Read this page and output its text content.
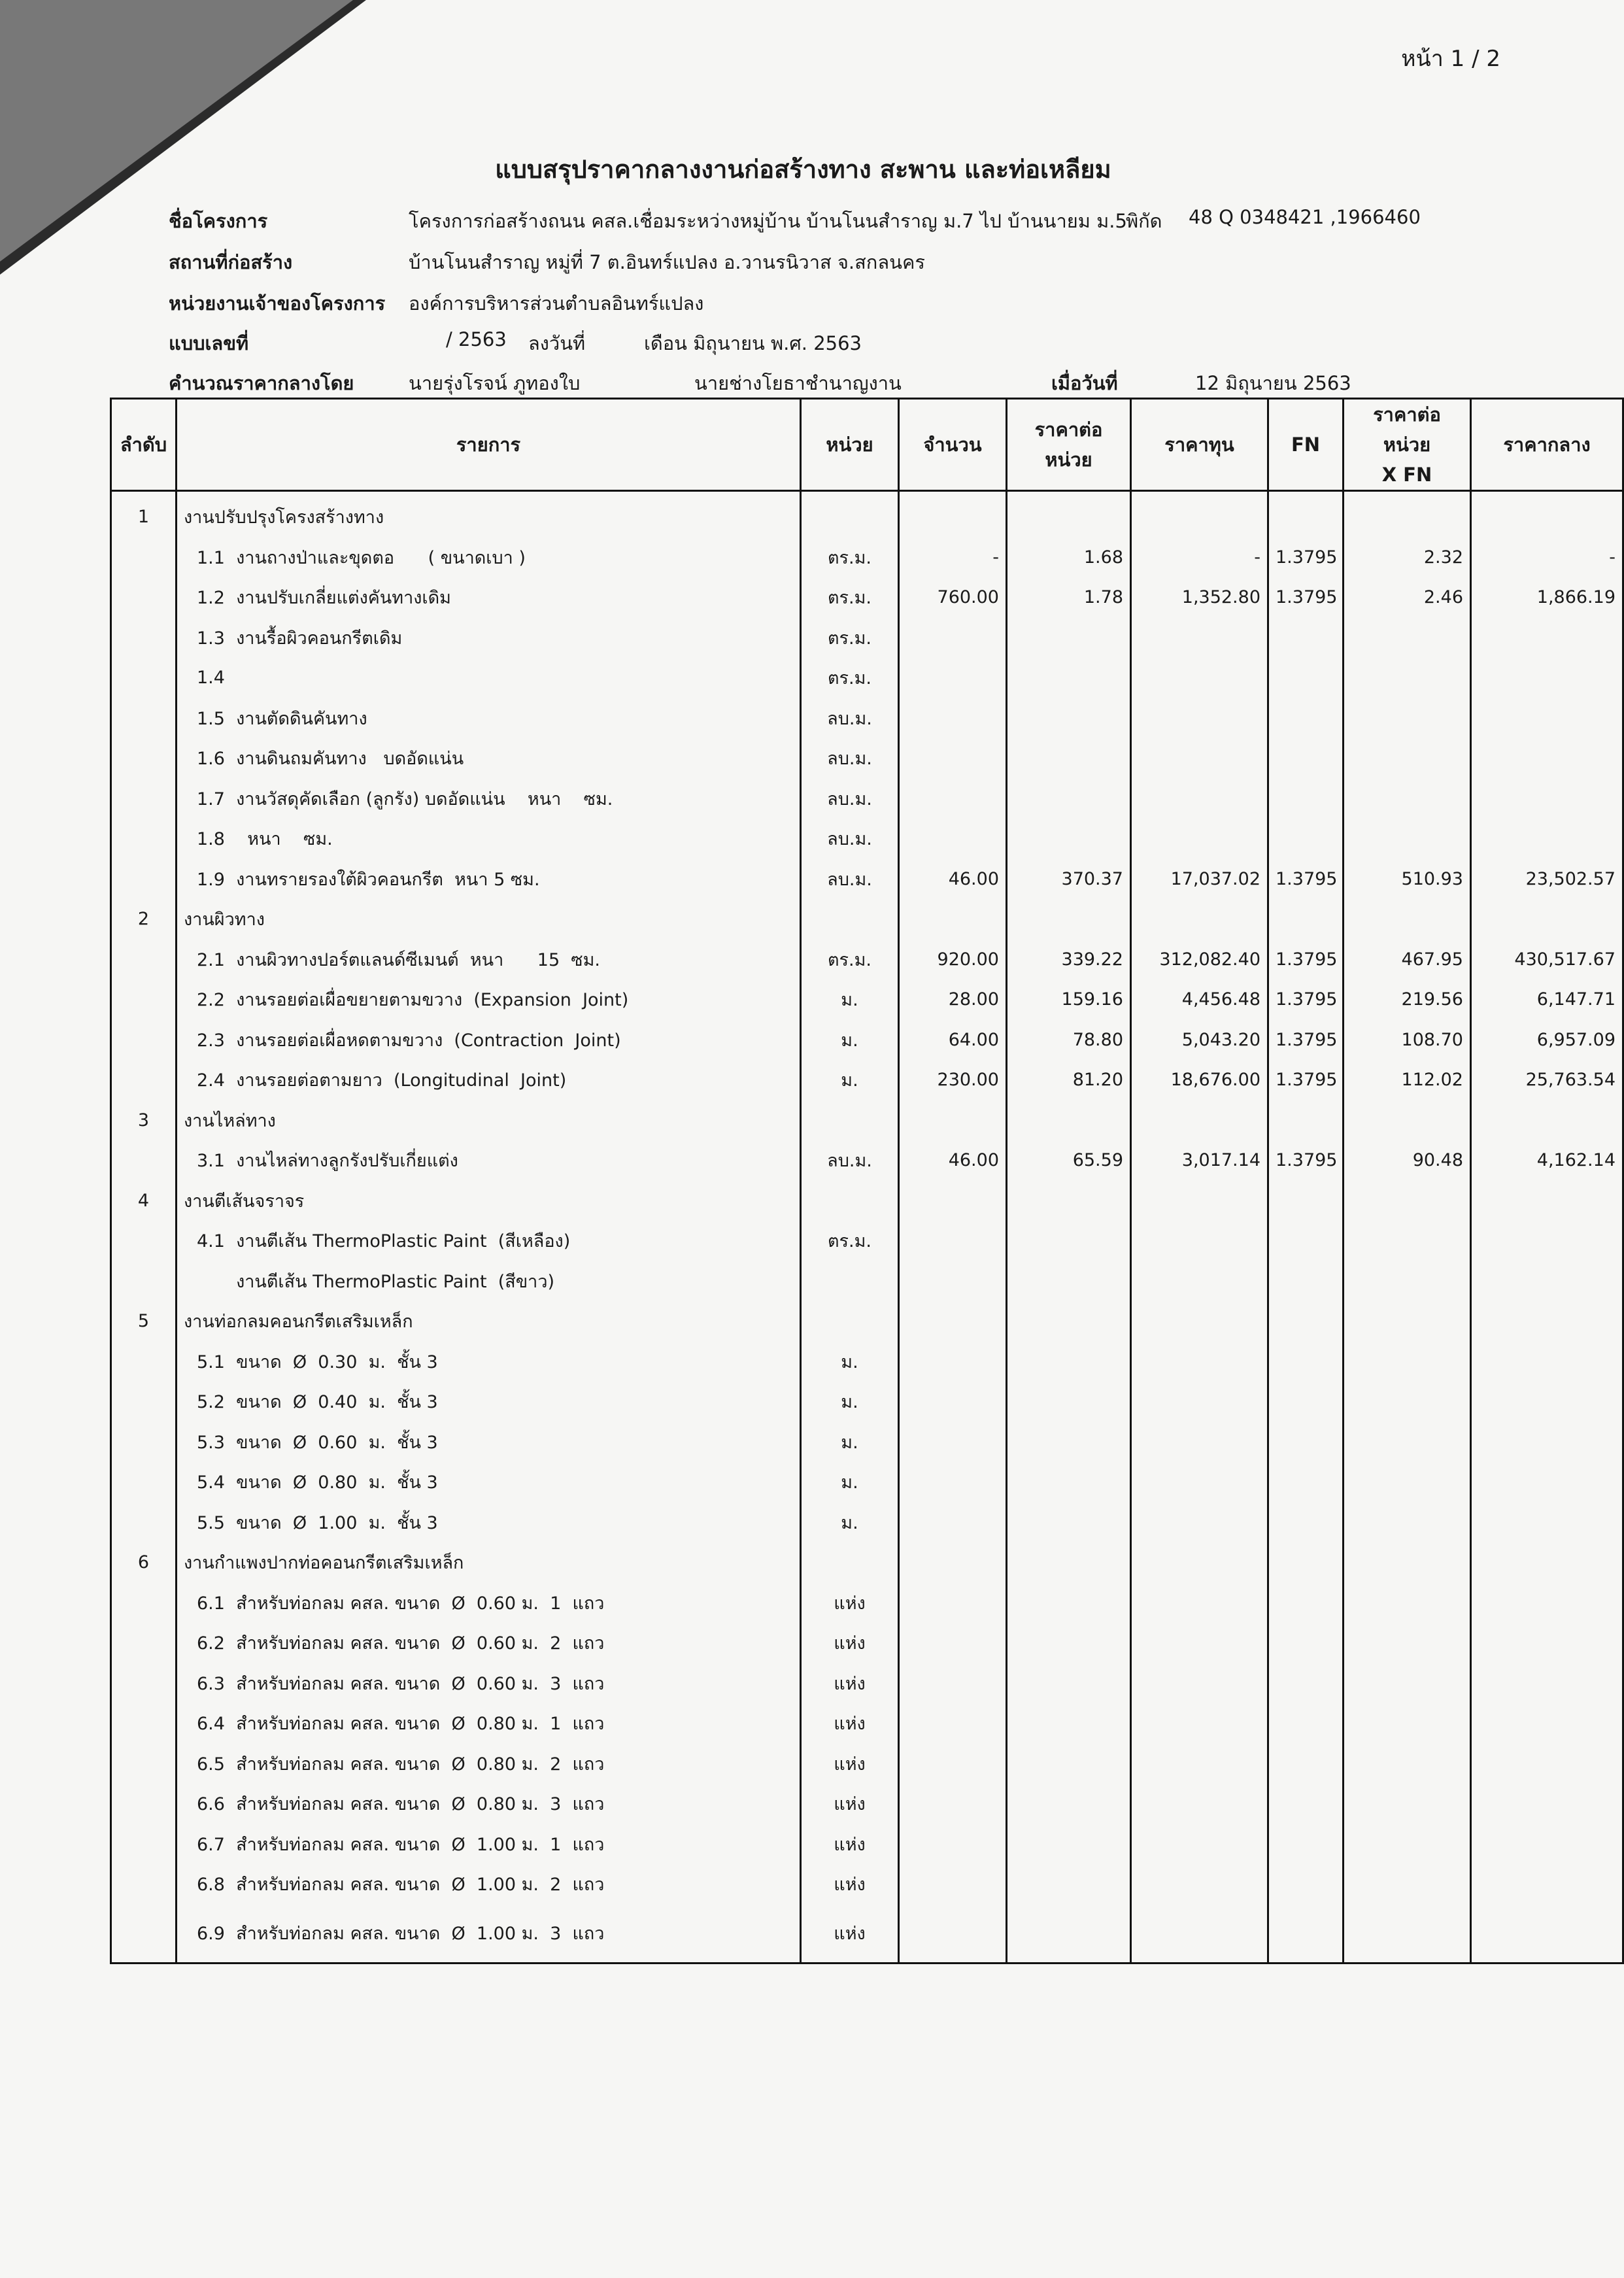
หน้า 1 / 2
แบบสรุปราคากลางงานก่อสร้างทาง สะพาน และท่อเหลียม
ชื่อโครงการ	โครงการก่อสร้างถนน คสล.เชื่อมระหว่างหมู่บ้าน บ้านโนนสำราญ ม.7 ไป บ้านนายม ม.5
พิกัด 48 Q 0348421 ,1966460
สถานที่ก่อสร้าง	บ้านโนนสำราญ หมู่ที่ 7 ต.อินทร์แปลง อ.วานรนิวาส จ.สกลนคร
หน่วยงานเจ้าของโครงการ องค์การบริหารส่วนตำบลอินทร์แปลง
แบบเลขที่	/ 2563 ลงวันที่	เดือน มิถุนายน พ.ศ. 2563
คำนวณราคากลางโดย	นายรุ่งโรจน์ ภูทองใบ	นายช่างโยธาชำนาญงาน	เมื่อวันที่	12 มิถุนายน 2563
ลำดับ	รายการ	หน่วย	จำนวน	ราคาต่อหน่วย	ราคาทุน	FN	ราคาต่อหน่วย
X FN	ราคากลาง
1	งานปรับปรุงโครงสร้างทาง							
	1.1  งานถางป่าและขุดตอ      ( ขนาดเบา )	ตร.ม.	-	1.68	-	1.3795	2.32	-
	1.2  งานปรับเกลี่ยแต่งคันทางเดิม	ตร.ม.	760.00	1.78	1,352.80	1.3795	2.46	1,866.19
	1.3  งานรื้อผิวคอนกรีตเดิม	ตร.ม.						
	1.4	ตร.ม.						
	1.5  งานตัดดินคันทาง	ลบ.ม.						
	1.6  งานดินถมคันทาง   บดอัดแน่น	ลบ.ม.						
	1.7  งานวัสดุคัดเลือก (ลูกรัง) บดอัดแน่น    หนา    ซม.	ลบ.ม.						
	1.8    หนา    ซม.	ลบ.ม.						
	1.9  งานทรายรองใต้ผิวคอนกรีต  หนา 5 ซม.	ลบ.ม.	46.00	370.37	17,037.02	1.3795	510.93	23,502.57
2	งานผิวทาง							
	2.1  งานผิวทางปอร์ตแลนด์ซีเมนต์  หนา      15  ซม.	ตร.ม.	920.00	339.22	312,082.40	1.3795	467.95	430,517.67
	2.2  งานรอยต่อเผื่อขยายตามขวาง  (Expansion  Joint)	ม.	28.00	159.16	4,456.48	1.3795	219.56	6,147.71
	2.3  งานรอยต่อเผื่อหดตามขวาง  (Contraction  Joint)	ม.	64.00	78.80	5,043.20	1.3795	108.70	6,957.09
	2.4  งานรอยต่อตามยาว  (Longitudinal  Joint)	ม.	230.00	81.20	18,676.00	1.3795	112.02	25,763.54
3	งานไหล่ทาง							
	3.1  งานไหล่ทางลูกรังปรับเกี่ยแต่ง	ลบ.ม.	46.00	65.59	3,017.14	1.3795	90.48	4,162.14
4	งานตีเส้นจราจร							
	4.1  งานตีเส้น ThermoPlastic Paint  (สีเหลือง)	ตร.ม.						
	งานตีเส้น ThermoPlastic Paint  (สีขาว)							
5	งานท่อกลมคอนกรีตเสริมเหล็ก							
	5.1  ขนาด  Ø  0.30  ม.  ชั้น 3	ม.						
	5.2  ขนาด  Ø  0.40  ม.  ชั้น 3	ม.						
	5.3  ขนาด  Ø  0.60  ม.  ชั้น 3	ม.						
	5.4  ขนาด  Ø  0.80  ม.  ชั้น 3	ม.						
	5.5  ขนาด  Ø  1.00  ม.  ชั้น 3	ม.						
6	งานกำแพงปากท่อคอนกรีตเสริมเหล็ก							
	6.1  สำหรับท่อกลม คสล. ขนาด  Ø  0.60 ม.  1  แถว	แห่ง						
	6.2  สำหรับท่อกลม คสล. ขนาด  Ø  0.60 ม.  2  แถว	แห่ง						
	6.3  สำหรับท่อกลม คสล. ขนาด  Ø  0.60 ม.  3  แถว	แห่ง						
	6.4  สำหรับท่อกลม คสล. ขนาด  Ø  0.80 ม.  1  แถว	แห่ง						
	6.5  สำหรับท่อกลม คสล. ขนาด  Ø  0.80 ม.  2  แถว	แห่ง						
	6.6  สำหรับท่อกลม คสล. ขนาด  Ø  0.80 ม.  3  แถว	แห่ง						
	6.7  สำหรับท่อกลม คสล. ขนาด  Ø  1.00 ม.  1  แถว	แห่ง						
	6.8  สำหรับท่อกลม คสล. ขนาด  Ø  1.00 ม.  2  แถว	แห่ง						
	6.9  สำหรับท่อกลม คสล. ขนาด  Ø  1.00 ม.  3  แถว	แห่ง						
